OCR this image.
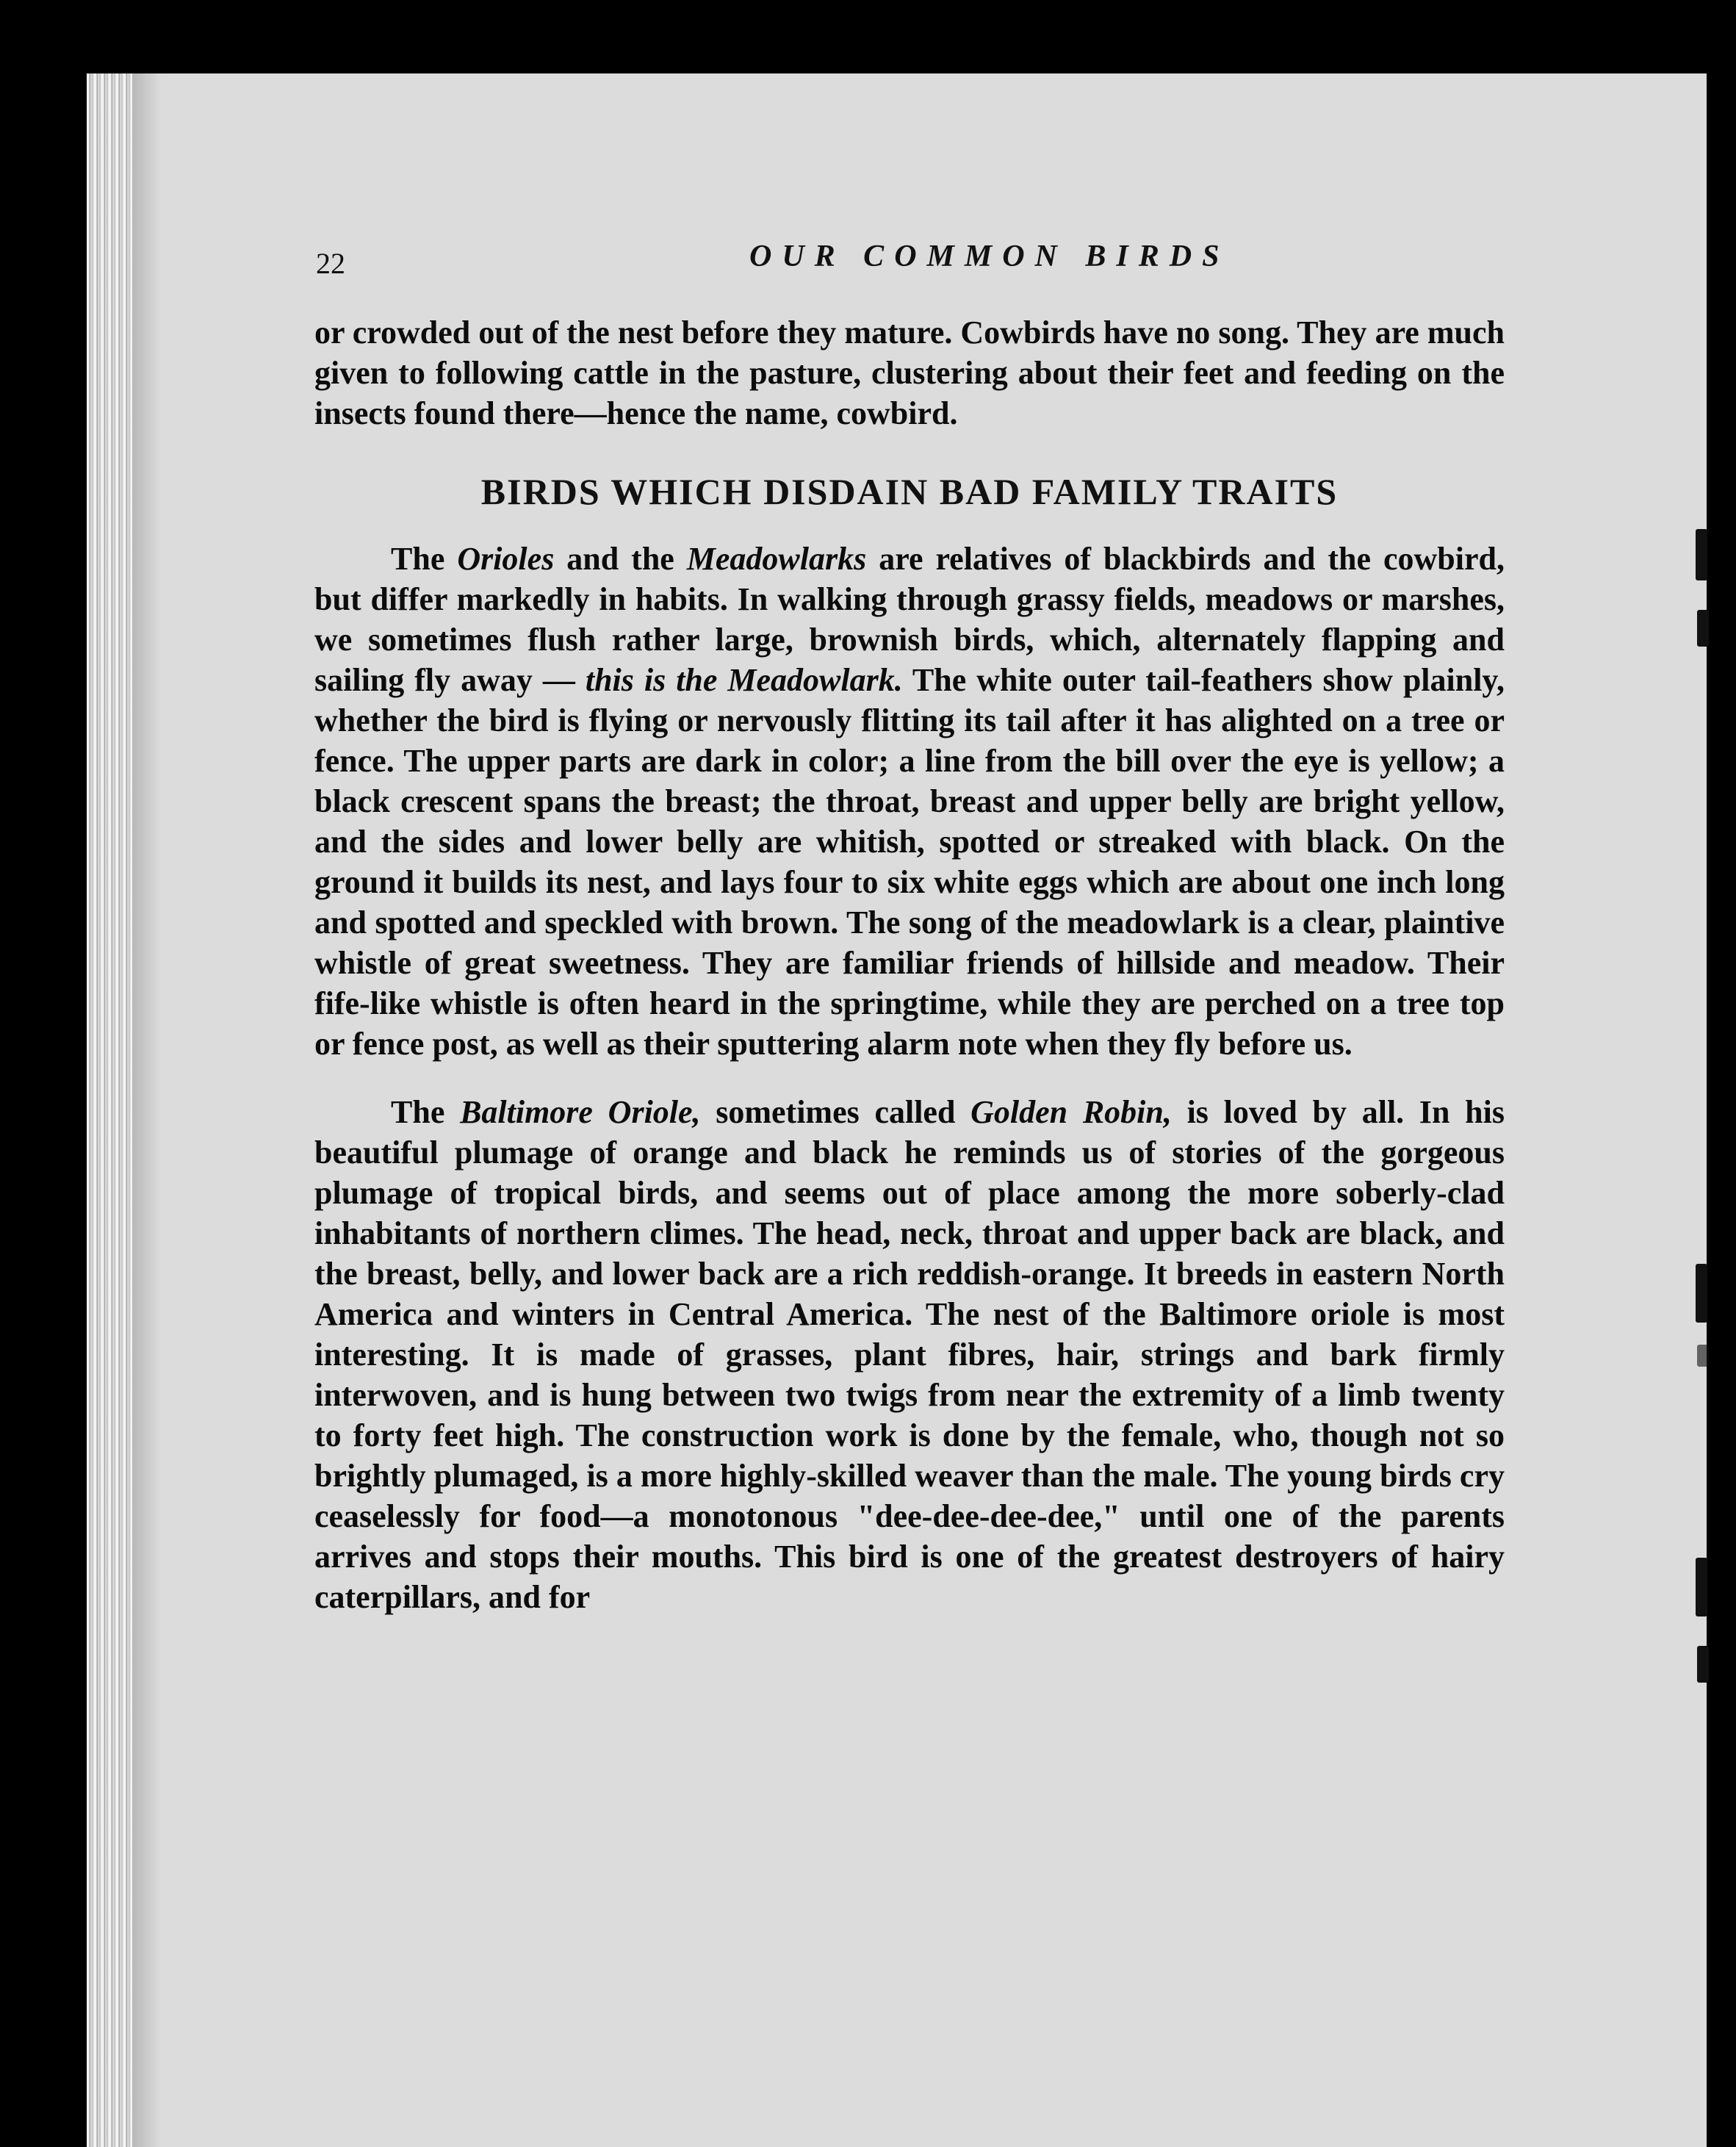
22	OUR COMMON BIRDS

or crowded out of the nest before they mature. Cowbirds have no song. They are much given to following cattle in the pasture, clustering about their feet and feeding on the insects found there—hence the name, cowbird.

BIRDS WHICH DISDAIN BAD FAMILY TRAITS

The Orioles and the Meadowlarks are relatives of blackbirds and the cowbird, but differ markedly in habits. In walking through grassy fields, meadows or marshes, we sometimes flush rather large, brownish birds, which, alternately flapping and sailing fly away — this is the Meadowlark. The white outer tail-feathers show plainly, whether the bird is flying or nervously flitting its tail after it has alighted on a tree or fence. The upper parts are dark in color; a line from the bill over the eye is yellow; a black crescent spans the breast; the throat, breast and upper belly are bright yellow, and the sides and lower belly are whitish, spotted or streaked with black. On the ground it builds its nest, and lays four to six white eggs which are about one inch long and spotted and speckled with brown. The song of the meadowlark is a clear, plaintive whistle of great sweetness. They are familiar friends of hillside and meadow. Their fife-like whistle is often heard in the springtime, while they are perched on a tree top or fence post, as well as their sputtering alarm note when they fly before us.

The Baltimore Oriole, sometimes called Golden Robin, is loved by all. In his beautiful plumage of orange and black he reminds us of stories of the gorgeous plumage of tropical birds, and seems out of place among the more soberly-clad inhabitants of northern climes. The head, neck, throat and upper back are black, and the breast, belly, and lower back are a rich reddish-orange. It breeds in eastern North America and winters in Central America. The nest of the Baltimore oriole is most interesting. It is made of grasses, plant fibres, hair, strings and bark firmly interwoven, and is hung between two twigs from near the extremity of a limb twenty to forty feet high. The construction work is done by the female, who, though not so brightly plumaged, is a more highly-skilled weaver than the male. The young birds cry ceaselessly for food—a monotonous "dee-dee-dee-dee," until one of the parents arrives and stops their mouths. This bird is one of the greatest destroyers of hairy caterpillars, and for
